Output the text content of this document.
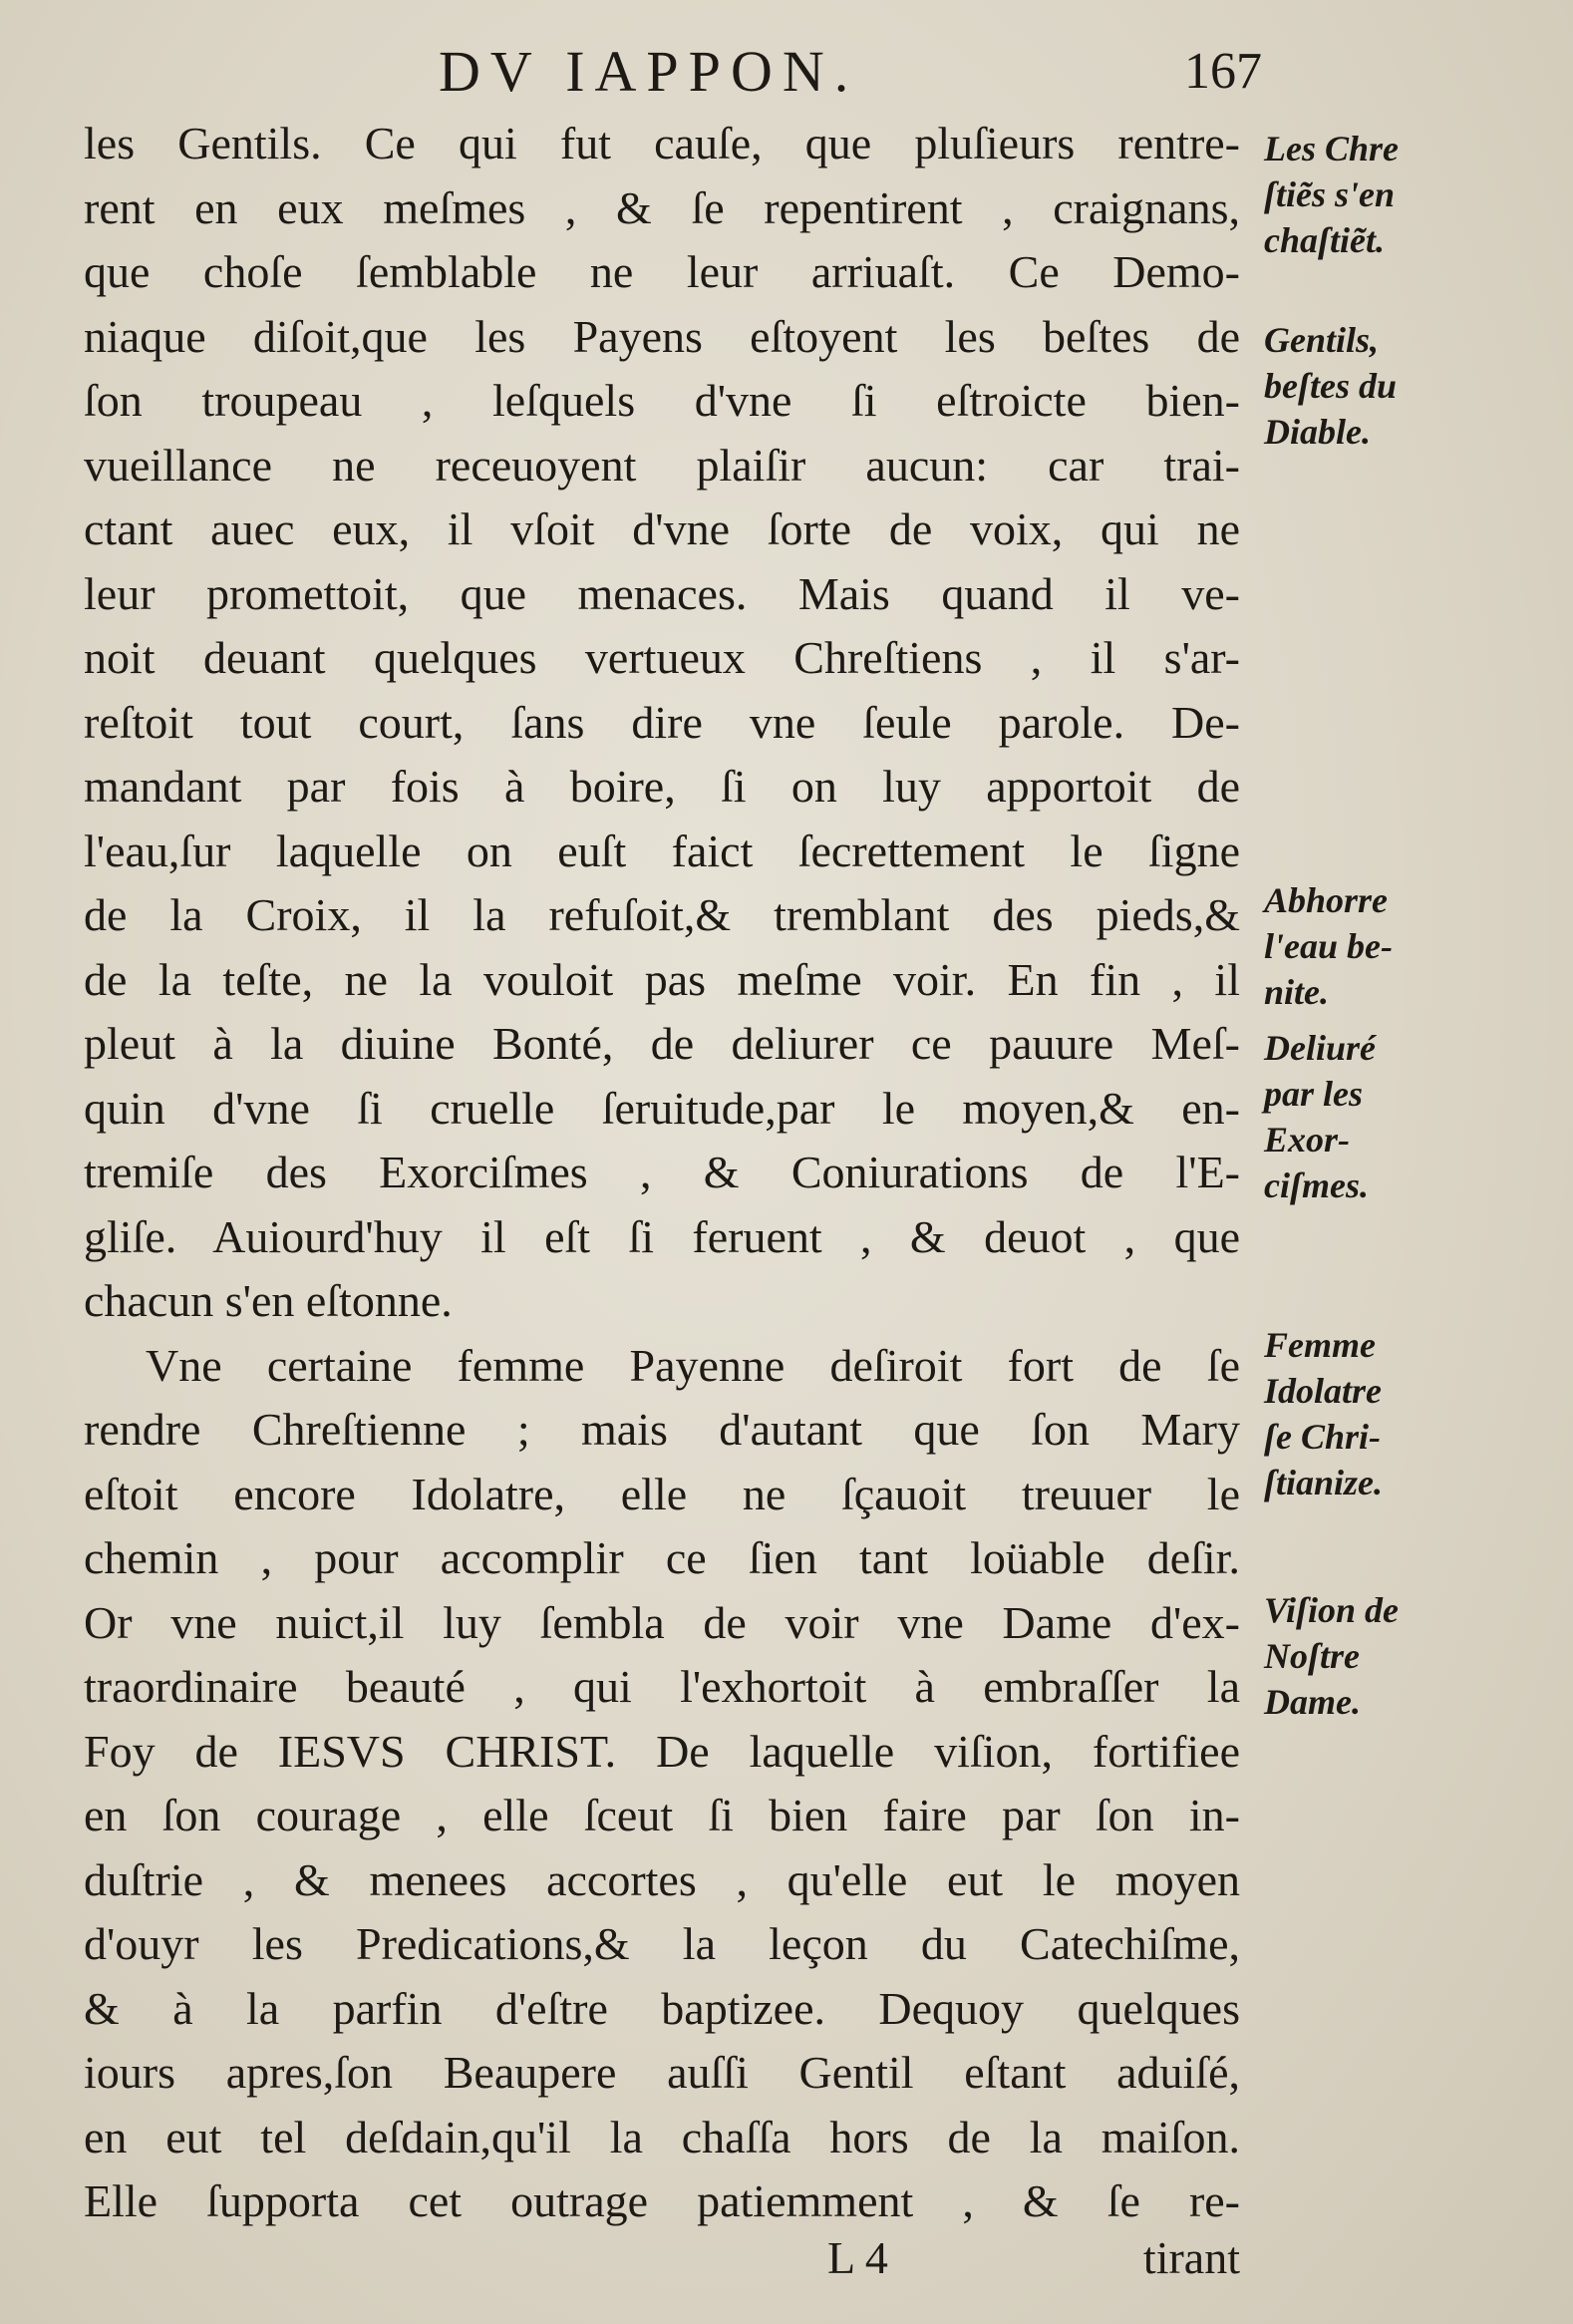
DV IAPPON.	167
les Gentils. Ce qui fut cauſe, que pluſieurs rentre-
rent en eux meſmes , & ſe repentirent , craignans,
que choſe ſemblable ne leur arriuaſt. Ce Demo-
niaque diſoit,que les Payens eſtoyent les beſtes de
ſon troupeau , leſquels d'vne ſi eſtroicte bien-
vueillance ne receuoyent plaiſir aucun: car trai-
ctant auec eux, il vſoit d'vne ſorte de voix, qui ne
leur promettoit, que menaces. Mais quand il ve-
noit deuant quelques vertueux Chreſtiens , il s'ar-
reſtoit tout court, ſans dire vne ſeule parole. De-
mandant par fois à boire, ſi on luy apportoit de
l'eau,ſur laquelle on euſt faict ſecrettement le ſigne
de la Croix, il la refuſoit,& tremblant des pieds,&
de la teſte, ne la vouloit pas meſme voir. En fin , il
pleut à la diuine Bonté, de deliurer ce pauure Meſ-
quin d'vne ſi cruelle ſeruitude,par le moyen,& en-
tremiſe des Exorciſmes , & Coniurations de l'E-
gliſe. Auiourd'huy il eſt ſi feruent , & deuot , que
chacun s'en eſtonne.
Vne certaine femme Payenne deſiroit fort de ſe
rendre Chreſtienne ; mais d'autant que ſon Mary
eſtoit encore Idolatre, elle ne ſçauoit treuuer le
chemin , pour accomplir ce ſien tant loüable deſir.
Or vne nuict,il luy ſembla de voir vne Dame d'ex-
traordinaire beauté , qui l'exhortoit à embraſſer la
Foy de IESVS CHRIST. De laquelle viſion, fortifiee
en ſon courage , elle ſceut ſi bien faire par ſon in-
duſtrie , & menees accortes , qu'elle eut le moyen
d'ouyr les Predications,& la leçon du Catechiſme,
& à la parfin d'eſtre baptizee. Dequoy quelques
iours apres,ſon Beaupere auſſi Gentil eſtant aduiſé,
en eut tel deſdain,qu'il la chaſſa hors de la maiſon.
Elle ſupporta cet outrage patiemment , & ſe re-
Les Chre
ſtiẽs s'en
chaſtiẽt.
Gentils,
beſtes du
Diable.
Abhorre
l'eau be-
nite.
Deliuré
par les
Exor-
ciſmes.
Femme
Idolatre
ſe Chri-
ſtianize.
Viſion de
Noſtre
Dame.
L 4	tirant
